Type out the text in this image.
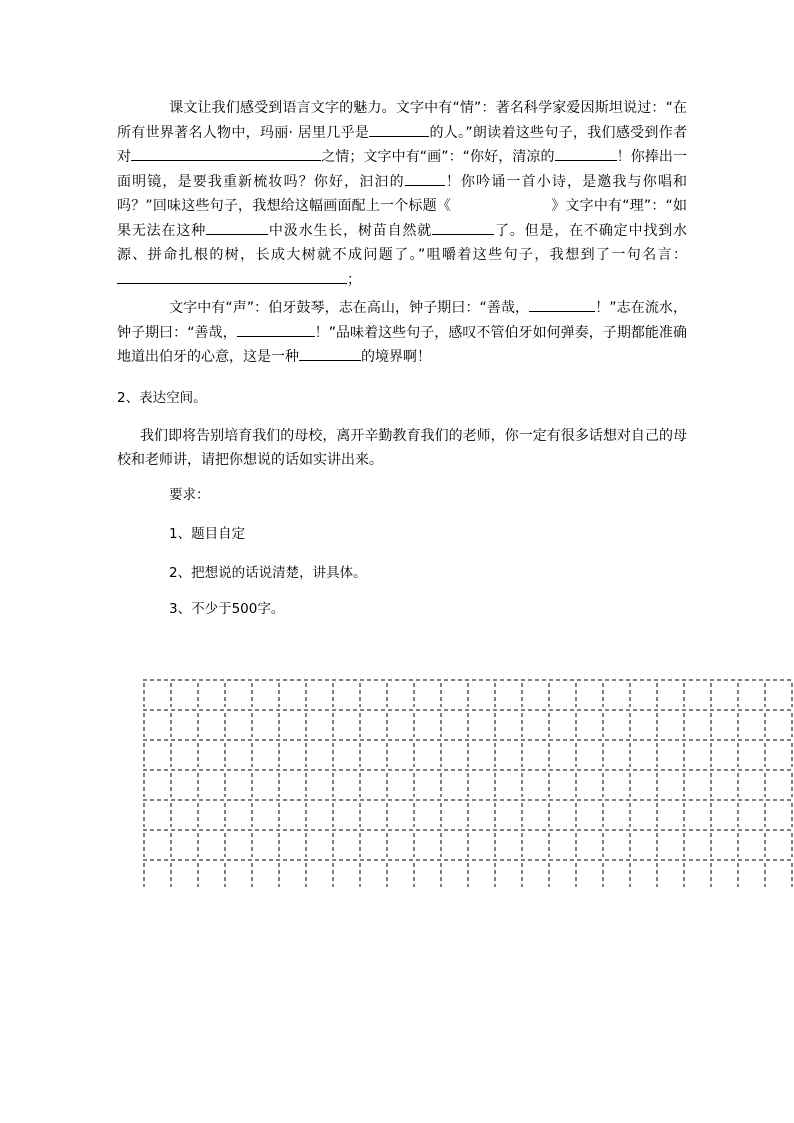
课文让我们感受到语言文字的魅力。文字中有“情”：著名科学家爱因斯坦说过：“在所有世界著名人物中，玛丽· 居里几乎是	的人。”朗读着这些句子，我们感受到作者对	之情；文字中有“画”：“你好，清凉的	！你捧出一面明镜，是要我重新梳妆吗？你好，汩汩的	！你吟诵一首小诗，是邀我与你唱和吗？”回味这些句子，我想给这幅画面配上一个标题《	》文字中有“理”：“如果无法在这种	中汲水生长，树苗自然就	了。但是，在不确定中找到水源、拼命扎根的树，长成大树就不成问题了。”咀嚼着这些句子，我想到了一句名言：；
文字中有“声”：伯牙鼓琴，志在高山，钟子期曰：“善哉，	！”志在流水，钟子期曰：“善哉，	！”品味着这些句子，感叹不管伯牙如何弹奏，子期都能准确地道出伯牙的心意，这是一种	的境界啊！
2、表达空间。
我们即将告别培育我们的母校，离开辛勤教育我们的老师，你一定有很多话想对自己的母校和老师讲，请把你想说的话如实讲出来。
要求：
1、题目自定
2、把想说的话说清楚，讲具体。
3、不少于500字。
